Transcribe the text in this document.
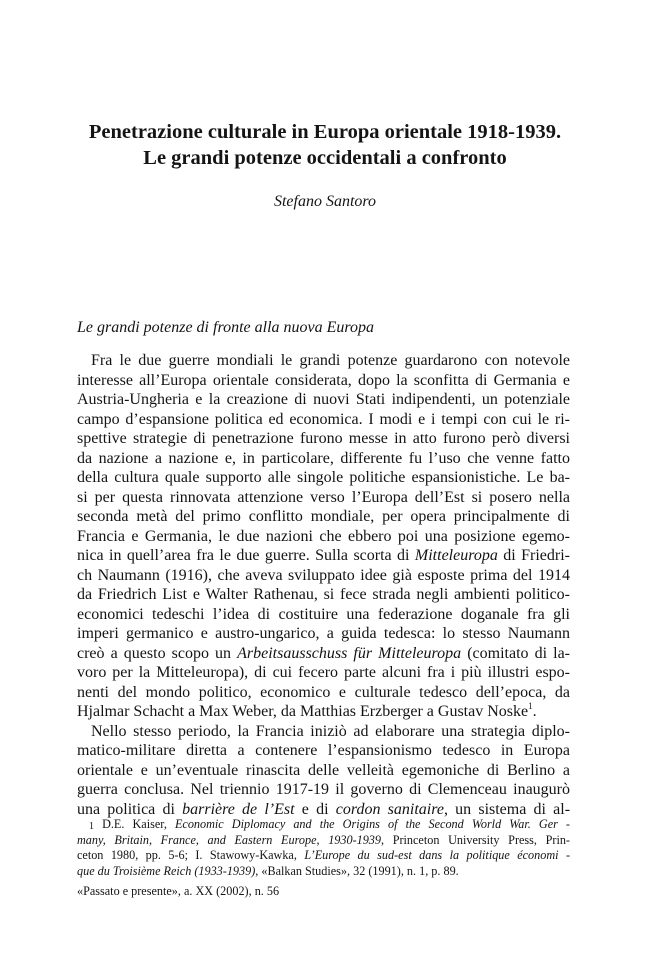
Penetrazione culturale in Europa orientale 1918-1939.
Le grandi potenze occidentali a confronto
Stefano Santoro
Le grandi potenze di fronte alla nuova Europa
Fra le due guerre mondiali le grandi potenze guardarono con notevole
interesse all’Europa orientale considerata, dopo la sconfitta di Germania e
Austria-Ungheria e la creazione di nuovi Stati indipendenti, un potenziale
campo d’espansione politica ed economica. I modi e i tempi con cui le ri-
spettive strategie di penetrazione furono messe in atto furono però diversi
da nazione a nazione e, in particolare, differente fu l’uso che venne fatto
della cultura quale supporto alle singole politiche espansionistiche. Le ba-
si per questa rinnovata attenzione verso l’Europa dell’Est si posero nella
seconda metà del primo conflitto mondiale, per opera principalmente di
Francia e Germania, le due nazioni che ebbero poi una posizione egemo-
nica in quell’area fra le due guerre. Sulla scorta di Mitteleuropa di Friedri-
ch Naumann (1916), che aveva sviluppato idee già esposte prima del 1914
da Friedrich List e Walter Rathenau, si fece strada negli ambienti politico-
economici tedeschi l’idea di costituire una federazione doganale fra gli
imperi germanico e austro-ungarico, a guida tedesca: lo stesso Naumann
creò a questo scopo un Arbeitsausschuss für Mitteleuropa (comitato di la-
voro per la Mitteleuropa), di cui fecero parte alcuni fra i più illustri espo-
nenti del mondo politico, economico e culturale tedesco dell’epoca, da
Hjalmar Schacht a Max Weber, da Matthias Erzberger a Gustav Noske$^1$.
Nello stesso periodo, la Francia iniziò ad elaborare una strategia diplo-
matico-militare diretta a contenere l’espansionismo tedesco in Europa
orientale e un’eventuale rinascita delle velleità egemoniche di Berlino a
guerra conclusa. Nel triennio 1917-19 il governo di Clemenceau inaugurò
una politica di barrière de l’Est e di cordon sanitaire, un sistema di al-
$^1$ D.E. Kaiser, Economic Diplomacy and the Origins of the Second World War. Ger -
many, Britain, France, and Eastern Europe, 1930-1939, Princeton University Press, Prin-
ceton 1980, pp. 5-6; I. Stawowy-Kawka, L’Europe du sud-est dans la politique économi -
que du Troisième Reich (1933-1939), «Balkan Studies», 32 (1991), n. 1, p. 89.
«Passato e presente», a. XX (2002), n. 56
